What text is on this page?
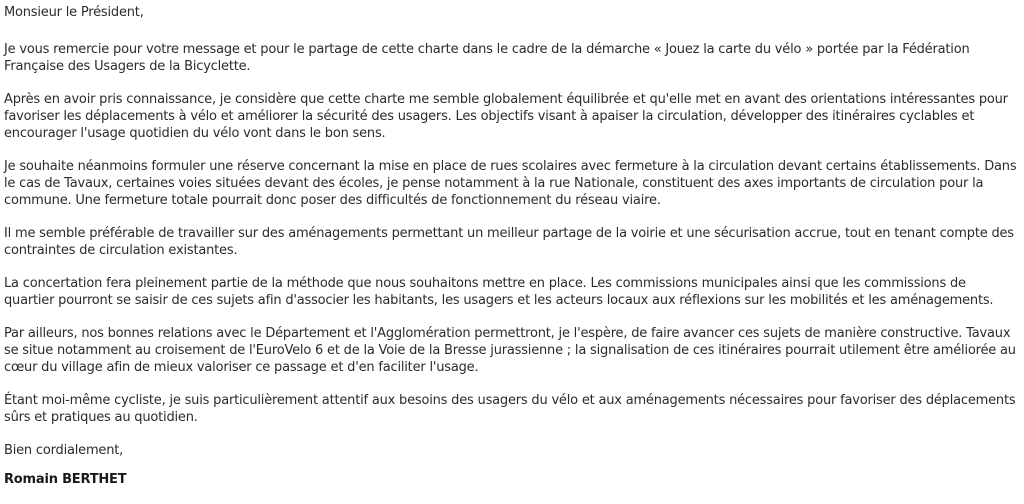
Monsieur le Président,

Je vous remercie pour votre message et pour le partage de cette charte dans le cadre de la démarche « Jouez la carte du vélo » portée par la Fédération Française des Usagers de la Bicyclette.

Après en avoir pris connaissance, je considère que cette charte me semble globalement équilibrée et qu'elle met en avant des orientations intéressantes pour favoriser les déplacements à vélo et améliorer la sécurité des usagers. Les objectifs visant à apaiser la circulation, développer des itinéraires cyclables et encourager l'usage quotidien du vélo vont dans le bon sens.

Je souhaite néanmoins formuler une réserve concernant la mise en place de rues scolaires avec fermeture à la circulation devant certains établissements. Dans le cas de Tavaux, certaines voies situées devant des écoles, je pense notamment à la rue Nationale, constituent des axes importants de circulation pour la commune. Une fermeture totale pourrait donc poser des difficultés de fonctionnement du réseau viaire.

Il me semble préférable de travailler sur des aménagements permettant un meilleur partage de la voirie et une sécurisation accrue, tout en tenant compte des contraintes de circulation existantes.

La concertation fera pleinement partie de la méthode que nous souhaitons mettre en place. Les commissions municipales ainsi que les commissions de quartier pourront se saisir de ces sujets afin d'associer les habitants, les usagers et les acteurs locaux aux réflexions sur les mobilités et les aménagements.

Par ailleurs, nos bonnes relations avec le Département et l'Agglomération permettront, je l'espère, de faire avancer ces sujets de manière constructive. Tavaux se situe notamment au croisement de l'EuroVelo 6 et de la Voie de la Bresse jurassienne ; la signalisation de ces itinéraires pourrait utilement être améliorée au cœur du village afin de mieux valoriser ce passage et d'en faciliter l'usage.

Étant moi-même cycliste, je suis particulièrement attentif aux besoins des usagers du vélo et aux aménagements nécessaires pour favoriser des déplacements sûrs et pratiques au quotidien.

Bien cordialement,

Romain BERTHET
